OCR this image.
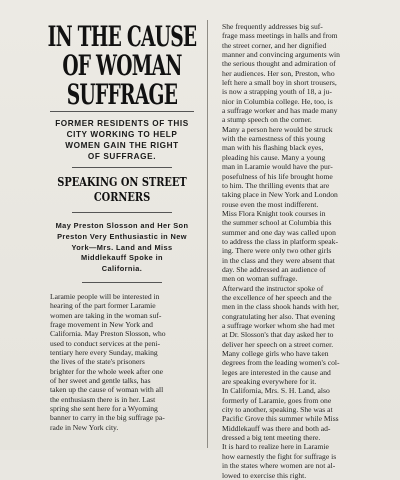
IN THE CAUSE
OF WOMAN
SUFFRAGE
FORMER RESIDENTS OF THIS
CITY WORKING TO HELP
WOMEN GAIN THE RIGHT
OF SUFFRAGE.
SPEAKING ON STREET CORNERS
May Preston Slosson and Her Son
Preston Very Enthusiastic in New
York—Mrs. Land and Miss
Middlekauff Spoke in
California.

Laramie people will be interested in
hearing of the part former Laramie
women are taking in the woman suf-
frage movement in New York and
California. May Preston Slosson, who
used to conduct services at the peni-
tentiary here every Sunday, making
the lives of the state's prisoners
brighter for the whole week after one
of her sweet and gentle talks, has
taken up the cause of woman with all
the enthusiasm there is in her. Last
spring she sent here for a Wyoming
banner to carry in the big suffrage pa-
rade in New York city.

She frequently addresses big suf-
frage mass meetings in halls and from
the street corner, and her dignified
manner and convincing arguments win
the serious thought and admiration of
her audiences. Her son, Preston, who
left here a small boy in short trousers,
is now a strapping youth of 18, a ju-
nior in Columbia college. He, too, is
a suffrage worker and has made many
a stump speech on the corner.

Many a person here would be struck
with the earnestness of this young
man with his flashing black eyes,
pleading his cause. Many a young
man in Laramie would have the pur-
posefulness of his life brought home
to him. The thrilling events that are
taking place in New York and London
rouse even the most indifferent.

Miss Flora Knight took courses in
the summer school at Columbia this
summer and one day was called upon
to address the class in platform speak-
ing. There were only two other girls
in the class and they were absent that
day. She addressed an audience of
men on woman suffrage.

Afterward the instructor spoke of
the excellence of her speech and the
men in the class shook hands with her,
congratulating her also. That evening
a suffrage worker whom she had met
at Dr. Slosson's that day asked her to
deliver her speech on a street corner.
Many college girls who have taken
degrees from the leading women's col-
leges are interested in the cause and
are speaking everywhere for it.

In California, Mrs. S. H. Land, also
formerly of Laramie, goes from one
city to another, speaking. She was at
Pacific Grove this summer while Miss
Middlekauff was there and both ad-
dressed a big tent meeting there.

It is hard to realize here in Laramie
how earnestly the fight for suffrage is
in the states where women are not al-
lowed to exercise this right.
